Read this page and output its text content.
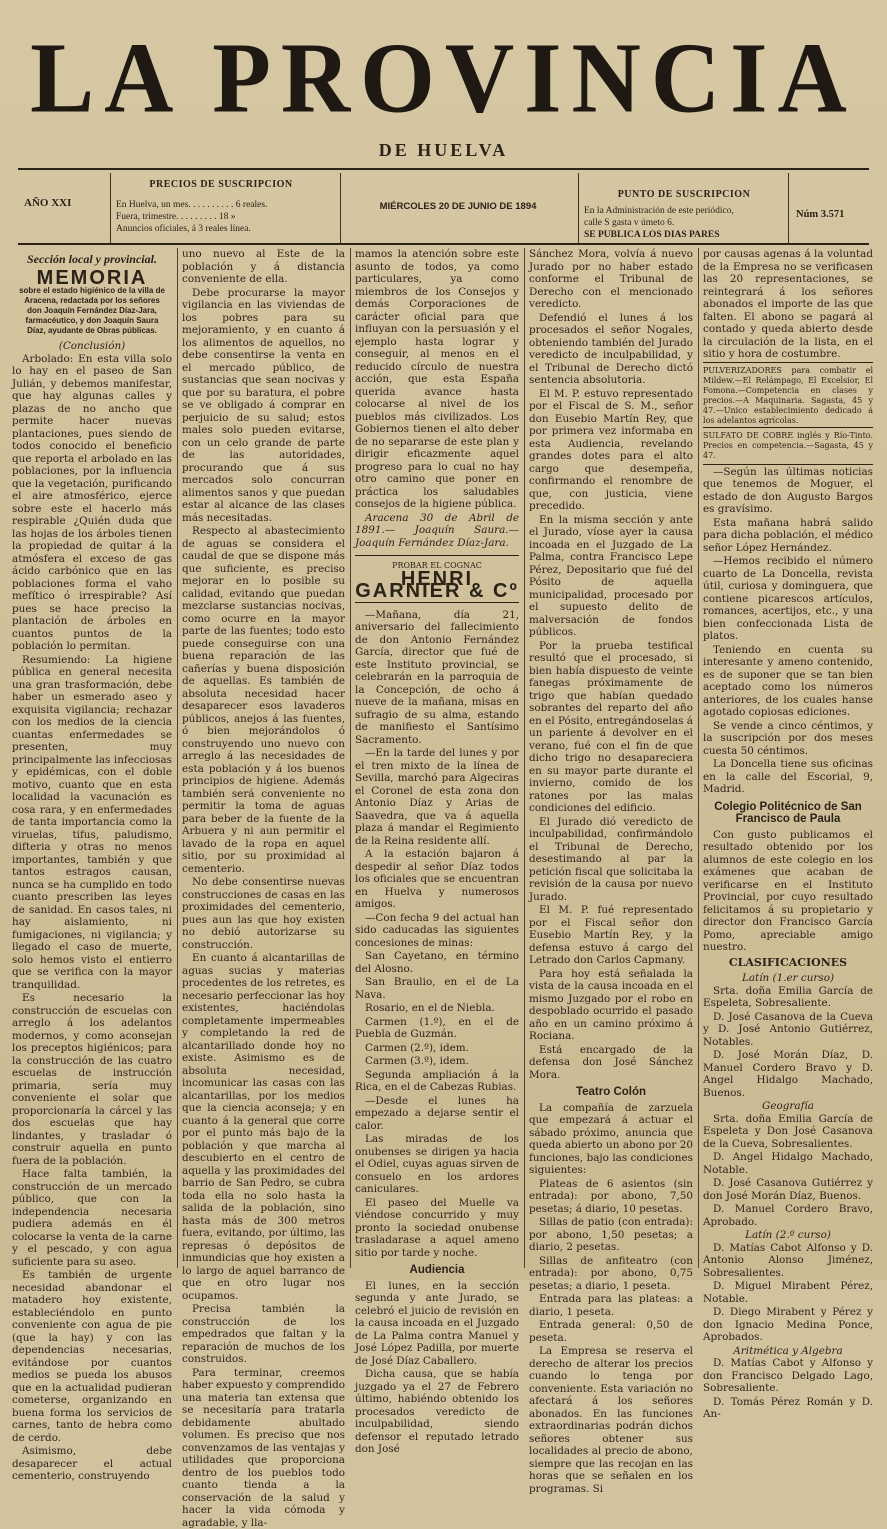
LA PROVINCIA
DE HUELVA
AÑO XXI
PRECIOS DE SUSCRIPCION
En Huelva, un mes. . . . . . . . . . 6 reales.
Fuera, trimestre. . . . . . . . . 18 »
Anuncios oficiales, á 3 reales línea.
MIÉRCOLES 20 DE JUNIO DE 1894
PUNTO DE SUSCRIPCION
En la Administración de este periódico,
calle S gasta v úmeto 6.
SE PUBLICA LOS DIAS PARES
Núm 3.571
Sección local y provincial.
MEMORIA
sobre el estado higiénico de la villa de Aracena, redactada por los señores don Joaquín Fernández Díaz-Jara, farmacéutico, y don Joaquín Saura Díaz, ayudante de Obras públicas.
(Conclusión)

Arbolado: En esta villa solo lo hay en el paseo de San Julián, y debemos manifestar, que hay algunas calles y plazas de no ancho que permite hacer nuevas plantaciones, pues siendo de todos conocido el beneficio que reporta el arbolado en las poblaciones, por la influencia que la vegetación, purificando el aire atmosférico, ejerce sobre este el hacerlo más respirable ¿Quién duda que las hojas de los árboles tienen la propiedad de quitar á la atmósfera el exceso de gas ácido carbónico que en las poblaciones forma el vaho mefítico ó irrespirable? Así pues se hace preciso la plantación de árboles en cuantos puntos de la población lo permitan.

Resumiendo: La higiene pública en general necesita una gran trasformación, debe haber un esmerado aseo y exquisita vigilancia; rechazar con los medios de la ciencia cuantas enfermedades se presenten, muy principalmente las infecciosas y epidémicas, con el doble motivo, cuanto que en esta localidad la vacunación es cosa rara, y en enfermedades de tanta importancia como la viruelas, tifus, paludismo, difteria y otras no menos importantes, también y que tantos estragos causan, nunca se ha cumplido en todo cuanto prescriben las leyes de sanidad. En casos tales, ni hay aislamiento, ni fumigaciones, ni vigilancia; y llegado el caso de muerte, solo hemos visto el entierro que se verifica con la mayor tranquilidad.

Es necesario la construcción de escuelas con arreglo á los adelantos modernos, y como aconsejan los preceptos higiénicos; para la construcción de las cuatro escuelas de instrucción primaria, sería muy conveniente el solar que proporcionaría la cárcel y las dos escuelas que hay lindantes, y trasladar ó construir aquella en punto fuera de la población.

Hace falta también, la construcción de un mercado público, que con la independencia necesaria pudiera además en él colocarse la venta de la carne y el pescado, y con agua suficiente para su aseo.

Es también de urgente necesidad abandonar el matadero hoy existente, estableciéndolo en punto conveniente con agua de pie (que la hay) y con las dependencias necesarias, evitándose por cuantos medios se pueda los abusos que en la actualidad pudieran cometerse, organizando en buena forma los servicios de carnes, tanto de hebra como de cerdo.

Asimismo, debe desaparecer el actual cementerio, construyendo

uno nuevo al Este de la población y á distancia conveniente de ella.

Debe procurarse la mayor vigilancia en las viviendas de los pobres para su mejoramiento, y en cuanto á los alimentos de aquellos, no debe consentirse la venta en el mercado público, de sustancias que sean nocivas y que por su baratura, el pobre se ve obligado á comprar en perjuicio de su salud; estos males solo pueden evitarse, con un celo grande de parte de las autoridades, procurando que á sus mercados solo concurran alimentos sanos y que puedan estar al alcance de las clases más necesitadas.

Respecto al abastecimiento de aguas se considera el caudal de que se dispone más que suficiente, es preciso mejorar en lo posible su calidad, evitando que puedan mezclarse sustancias nocivas, como ocurre en la mayor parte de las fuentes; todo esto puede conseguirse con una buena reparación de las cañerías y buena disposición de aquellas. Es también de absoluta necesidad hacer desaparecer esos lavaderos públicos, anejos á las fuentes, ó bien mejorándolos ó construyendo uno nuevo con arreglo á las necesidades de esta población y á los buenos principios de higiene. Además también será conveniente no permitir la toma de aguas para beber de la fuente de la Arbuera y ni aun permitir el lavado de la ropa en aquel sitio, por su proximidad al cementerio.

No debe consentirse nuevas construcciones de casas en las proximidades del cementerio, pues aun las que hoy existen no debió autorizarse su construcción.

En cuanto á alcantarillas de aguas sucias y materias procedentes de los retretes, es necesario perfeccionar las hoy existentes, haciéndolas completamente impermeables y completando la red de alcantarillado donde hoy no existe. Asimismo es de absoluta necesidad, incomunicar las casas con las alcantarillas, por los medios que la ciencia aconseja; y en cuanto á la general que corre por el punto más bajo de la población y que marcha al descubierto en el centro de aquella y las proximidades del barrio de San Pedro, se cubra toda ella no solo hasta la salida de la población, sino hasta más de 300 metros fuera, evitando, por último, las represas ó depósitos de inmundicias que hoy existen a lo largo de aquel barranco de que en otro lugar nos ocupamos.

Precisa también la construcción de los empedrados que faltan y la reparación de muchos de los construidos.

Para terminar, creemos haber expuesto y comprendido una materia tan extensa que se necesitaría para tratarla debidamente abultado volumen. Es preciso que nos convenzamos de las ventajas y utilidades que proporciona dentro de los pueblos todo cuanto tienda a la conservación de la salud y hacer la vida cómoda y agradable, y lla-

mamos la atención sobre este asunto de todos, ya como particulares, ya como miembros de los Consejos y demás Corporaciones de carácter oficial para que influyan con la persuasión y el ejemplo hasta lograr y conseguir, al menos en el reducido círculo de nuestra acción, que esta España querida avance hasta colocarse al nivel de los pueblos más civilizados. Los Gobiernos tienen el alto deber de no separarse de este plan y dirigir eficazmente aquel progreso para lo cual no hay otro camino que poner en práctica los saludables consejos de la higiene pública.

Aracena 30 de Abril de 1891.— Joaquín Saura.—Joaquín Fernández Díaz-Jara.

PROBAR EL COGNAC
HENRI GARNIER & Cº

—Mañana, día 21, aniversario del fallecimiento de don Antonio Fernández García, director que fué de este Instituto provincial, se celebrarán en la parroquia de la Concepción, de ocho á nueve de la mañana, misas en sufragio de su alma, estando de manifiesto el Santísimo Sacramento.

—En la tarde del lunes y por el tren mixto de la línea de Sevilla, marchó para Algeciras el Coronel de esta zona don Antonio Díaz y Arias de Saavedra, que va á aquella plaza á mandar el Regimiento de la Reina residente allí.

A la estación bajaron á despedir al señor Díaz todos los oficiales que se encuentran en Huelva y numerosos amigos.

—Con fecha 9 del actual han sido caducadas las siguientes concesiones de minas:

San Cayetano, en término del Alosno.

San Braulio, en el de La Nava.

Rosario, en el de Niebla.

Carmen (1.º), en el de Puebla de Guzmán.

Carmen (2.º), idem.

Carmen (3.º), idem.

Segunda ampliación á la Rica, en el de Cabezas Rubias.

—Desde el lunes ha empezado a dejarse sentir el calor.

Las miradas de los onubenses se dirigen ya hacia el Odiel, cuyas aguas sirven de consuelo en los ardores caniculares.

El paseo del Muelle va viéndose concurrido y muy pronto la sociedad onubense trasladarase a aquel ameno sitio por tarde y noche.

Audiencia

El lunes, en la sección segunda y ante Jurado, se celebró el juicio de revisión en la causa incoada en el Juzgado de La Palma contra Manuel y José López Padilla, por muerte de José Díaz Caballero.

Dicha causa, que se había juzgado ya el 27 de Febrero último, habiéndo obtenido los procesados veredicto de inculpabilidad, siendo defensor el reputado letrado don José

Sánchez Mora, volvía á nuevo Jurado por no haber estado conforme el Tribunal de Derecho con el mencionado veredicto.

Defendió el lunes á los procesados el señor Nogales, obteniendo también del Jurado veredicto de inculpabilidad, y el Tribunal de Derecho dictó sentencia absolutoria.

El M. P. estuvo representado por el Fiscal de S. M., señor don Eusebio Martín Rey, que por primera vez informaba en esta Audiencia, revelando grandes dotes para el alto cargo que desempeña, confirmando el renombre de que, con justicia, viene precedido.

En la misma sección y ante el Jurado, víose ayer la causa incoada en el Juzgado de La Palma, contra Francisco Lepe Pérez, Depositario que fué del Pósito de aquella municipalidad, procesado por el supuesto delito de malversación de fondos públicos.

Por la prueba testifical resultó que el procesado, si bien había dispuesto de veinte fanegas próximamente de trigo que habían quedado sobrantes del reparto del año en el Pósito, entregándoselas á un pariente á devolver en el verano, fué con el fin de que dicho trigo no desapareciera en su mayor parte durante el invierno, comido de los ratones por las malas condiciones del edificio.

El Jurado dió veredicto de inculpabilidad, confirmándolo el Tribunal de Derecho, desestimando al par la petición fiscal que solicitaba la revisión de la causa por nuevo Jurado.

El M. P. fué representado por el Fiscal señor don Eusebio Martín Rey, y la defensa estuvo á cargo del Letrado don Carlos Capmany.

Para hoy está señalada la vista de la causa incoada en el mismo Juzgado por el robo en despoblado ocurrido el pasado año en un camino próximo á Rociana.

Está encargado de la defensa don José Sánchez Mora.

Teatro Colón

La compañía de zarzuela que empezará á actuar el sábado próximo, anuncia que queda abierto un abono por 20 funciones, bajo las condiciones siguientes:

Plateas de 6 asientos (sin entrada): por abono, 7,50 pesetas; á diario, 10 pesetas.

Sillas de patio (con entrada): por abono, 1,50 pesetas; a diario, 2 pesetas.

Sillas de anfiteatro (con entrada): por abono, 0,75 pesetas; a diario, 1 peseta.

Entrada para las plateas: a diario, 1 peseta.

Entrada general: 0,50 de peseta.

La Empresa se reserva el derecho de alterar los precios cuando lo tenga por conveniente. Esta variación no afectará á los señores abonados. En las funciones extraordinarias podrán dichos señores obtener sus localidades al precio de abono, siempre que las recojan en las horas que se señalen en los programas. Si

por causas agenas á la voluntad de la Empresa no se verificasen las 20 representaciones, se reintegrará á los señores abonados el importe de las que falten. El abono se pagará al contado y queda abierto desde la circulación de la lista, en el sitio y hora de costumbre.

PULVERIZADORES para combatir el Mildew.—El Relámpago, El Excelsior, El Fomona.—Competencia en clases y precios.—A Maquinaria. Sagasta, 45 y 47.—Unico establecimiento dedicado á los adelantos agrícolas.

SULFATO DE COBRE inglés y Río-Tinto. Precios en competencia.—Sagasta, 45 y 47.

—Según las últimas noticias que tenemos de Moguer, el estado de don Augusto Bargos es gravísimo.

Esta mañana habrá salido para dicha población, el médico señor López Hernández.

—Hemos recibido el número cuarto de La Doncella, revista útil, curiosa y dominguera, que contiene picarescos artículos, romances, acertijos, etc., y una bien confeccionada Lista de platos.

Teniendo en cuenta su interesante y ameno contenido, es de suponer que se tan bien aceptado como los números anteriores, de los cuales hanse agotado copiosas ediciones.

Se vende a cinco céntimos, y la suscripción por dos meses cuesta 50 céntimos.

La Doncella tiene sus oficinas en la calle del Escorial, 9, Madrid.

Colegio Politécnico de San Francisco de Paula

Con gusto publicamos el resultado obtenido por los alumnos de este colegio en los exámenes que acaban de verificarse en el Instituto Provincial, por cuyo resultado felicitamos á su propietario y director don Francisco García Pomo, apreciable amigo nuestro.

CLASIFICACIONES
Latín (1.er curso)

Srta. doña Emilia García de Espeleta, Sobresaliente.

D. José Casanova de la Cueva y D. José Antonio Gutiérrez, Notables.

D. José Morán Díaz, D. Manuel Cordero Bravo y D. Angel Hidalgo Machado, Buenos.

Geografía

Srta. doña Emilia García de Espeleta y Don José Casanova de la Cueva, Sobresalientes.

D. Angel Hidalgo Machado, Notable.

D. José Casanova Gutiérrez y don José Morán Díaz, Buenos.

D. Manuel Cordero Bravo, Aprobado.

Latín (2.º curso)

D. Matías Cabot Alfonso y D. Antonio Alonso Jiménez, Sobresalientes.

D. Miguel Mirabent Pérez, Notable.

D. Diego Mirabent y Pérez y don Ignacio Medina Ponce, Aprobados.

Aritmética y Algebra

D. Matías Cabot y Alfonso y don Francisco Delgado Lago, Sobresaliente.

D. Tomás Pérez Román y D. An-
